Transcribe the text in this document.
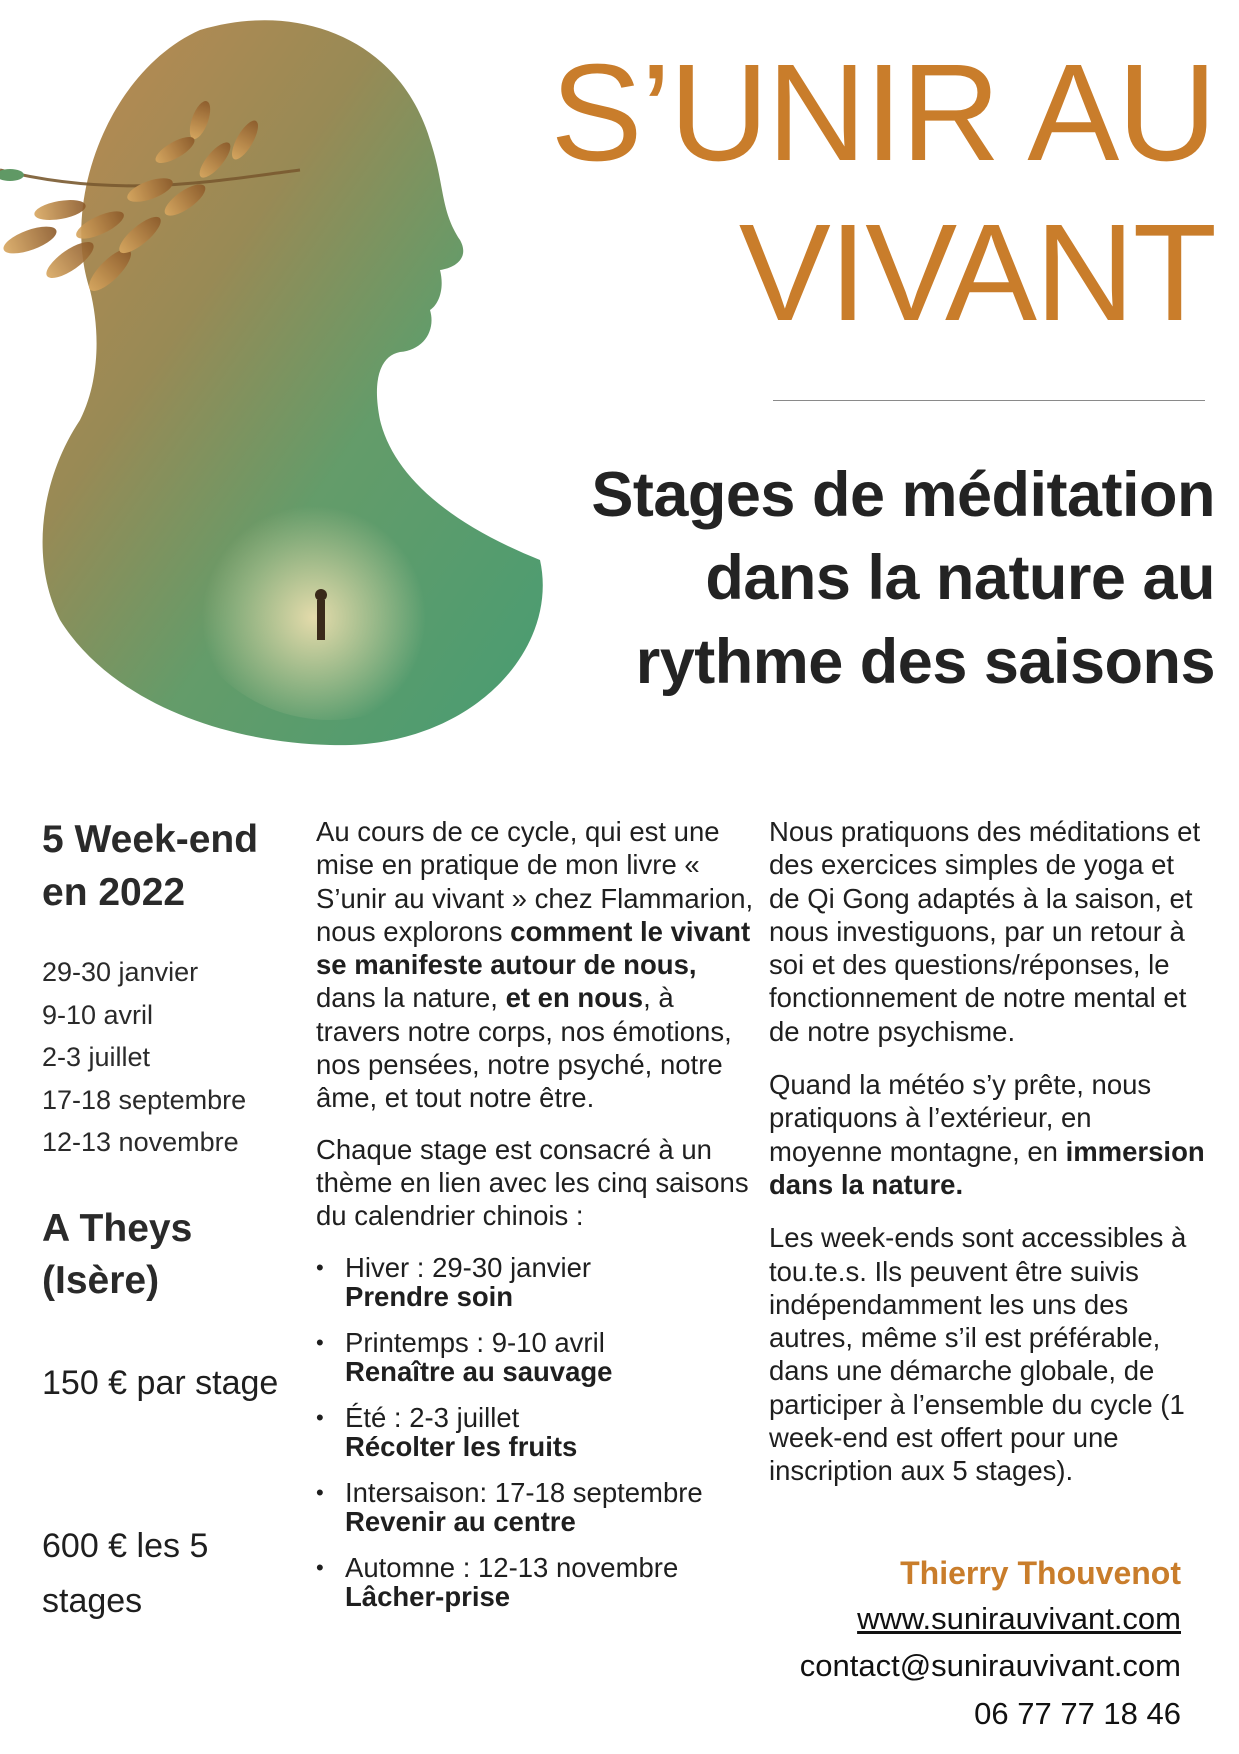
S’UNIR AU
VIVANT
Stages de méditation
dans la nature au
rythme des saisons
5 Week-end en 2022
29-30 janvier
9-10 avril
2-3 juillet
17-18 septembre
12-13 novembre
A Theys (Isère)
150 € par stage
600 € les 5 stages

Au cours de ce cycle, qui est une mise en pratique de mon livre « S’unir au vivant » chez Flammarion, nous explorons comment le vivant se manifeste autour de nous, dans la nature, et en nous, à travers notre corps, nos émotions, nos pensées, notre psyché, notre âme, et tout notre être.

Chaque stage est consacré à un thème en lien avec les cinq saisons du calendrier chinois :

• Hiver : 29-30 janvier
Prendre soin
• Printemps : 9-10 avril
Renaître au sauvage
• Été : 2-3 juillet
Récolter les fruits
• Intersaison: 17-18 septembre
Revenir au centre
• Automne : 12-13 novembre
Lâcher-prise

Nous pratiquons des méditations et des exercices simples de yoga et de Qi Gong adaptés à la saison, et nous investiguons, par un retour à soi et des questions/réponses, le fonctionnement de notre mental et de notre psychisme.

Quand la météo s’y prête, nous pratiquons à l’extérieur, en moyenne montagne, en immersion dans la nature.

Les week-ends sont accessibles à tou.te.s. Ils peuvent être suivis indépendamment les uns des autres, même s’il est préférable, dans une démarche globale, de participer à l’ensemble du cycle (1 week-end est offert pour une inscription aux 5 stages).

Thierry Thouvenot
www.sunirauvivant.com
contact@sunirauvivant.com
06 77 77 18 46
